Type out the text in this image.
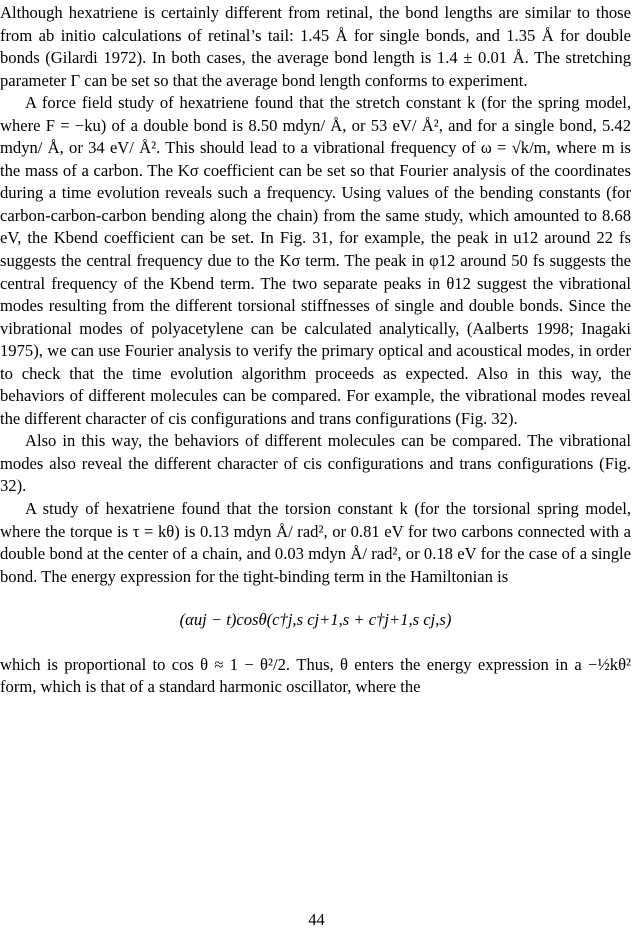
Although hexatriene is certainly different from retinal, the bond lengths are similar to those from ab initio calculations of retinal’s tail: 1.45 Å for single bonds, and 1.35 Å for double bonds (Gilardi 1972). In both cases, the average bond length is 1.4 ± 0.01 Å. The stretching parameter Γ can be set so that the average bond length conforms to experiment.

A force field study of hexatriene found that the stretch constant k (for the spring model, where F = −ku) of a double bond is 8.50 mdyn/ Å, or 53 eV/ Å², and for a single bond, 5.42 mdyn/ Å, or 34 eV/ Å². This should lead to a vibrational frequency of ω = √k/m, where m is the mass of a carbon. The Kσ coefficient can be set so that Fourier analysis of the coordinates during a time evolution reveals such a frequency. Using values of the bending constants (for carbon-carbon-carbon bending along the chain) from the same study, which amounted to 8.68 eV, the Kbend coefficient can be set. In Fig. 31, for example, the peak in u12 around 22 fs suggests the central frequency due to the Kσ term. The peak in φ12 around 50 fs suggests the central frequency of the Kbend term. The two separate peaks in θ12 suggest the vibrational modes resulting from the different torsional stiffnesses of single and double bonds. Since the vibrational modes of polyacetylene can be calculated analytically, (Aalberts 1998; Inagaki 1975), we can use Fourier analysis to verify the primary optical and acoustical modes, in order to check that the time evolution algorithm proceeds as expected. Also in this way, the behaviors of different molecules can be compared. For example, the vibrational modes reveal the different character of cis configurations and trans configurations (Fig. 32).

Also in this way, the behaviors of different molecules can be compared. The vibrational modes also reveal the different character of cis configurations and trans configurations (Fig. 32).

A study of hexatriene found that the torsion constant k (for the torsional spring model, where the torque is τ = kθ) is 0.13 mdyn Å/ rad², or 0.81 eV for two carbons connected with a double bond at the center of a chain, and 0.03 mdyn Å/ rad², or 0.18 eV for the case of a single bond. The energy expression for the tight-binding term in the Hamiltonian is

(αuj − t)cosθ(c†j,s cj+1,s + c†j+1,s cj,s)

which is proportional to cos θ ≈ 1 − θ²/2. Thus, θ enters the energy expression in a −½kθ² form, which is that of a standard harmonic oscillator, where the

44
